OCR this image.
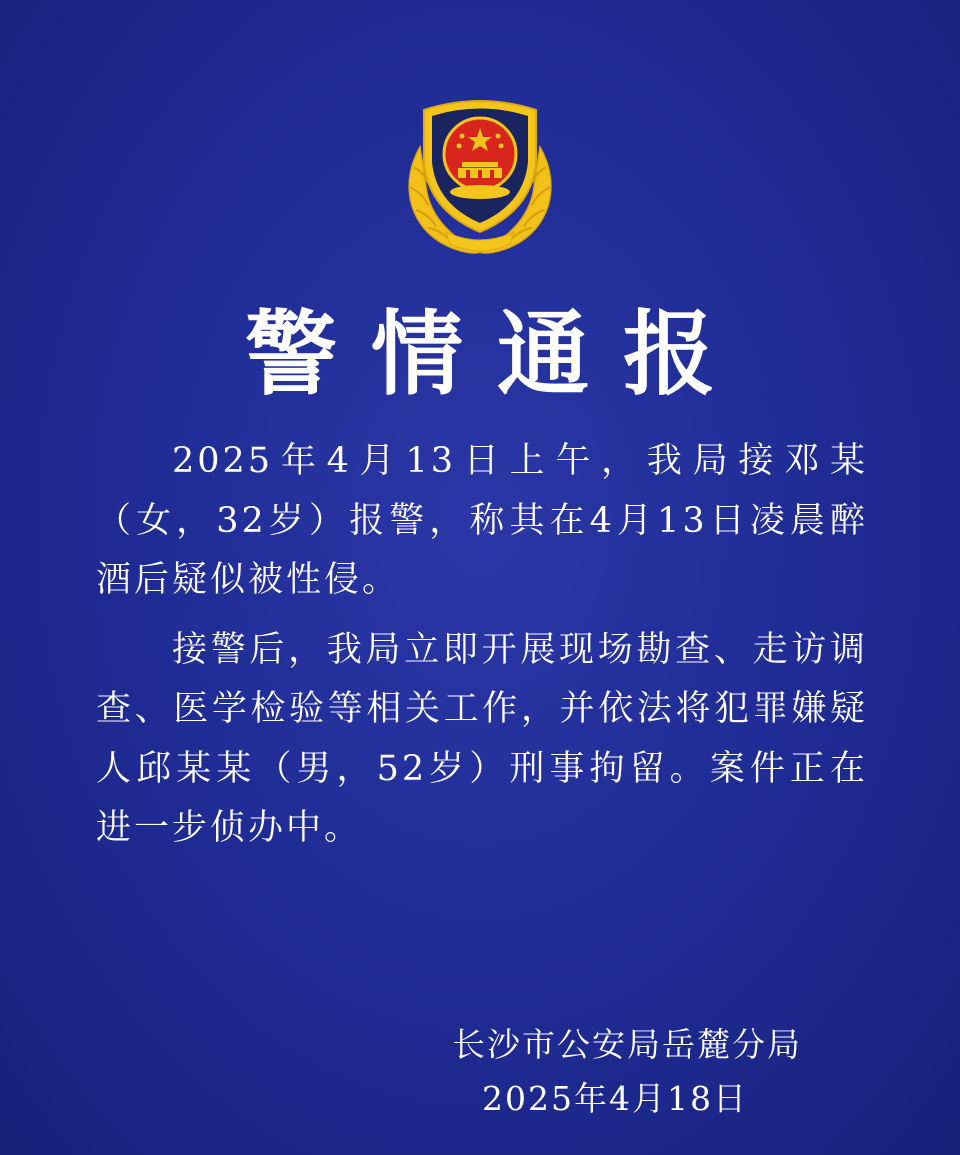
警情通报

2025年4月13日上午，我局接邓某（女，32岁）报警，称其在4月13日凌晨醉酒后疑似被性侵。

接警后，我局立即开展现场勘查、走访调查、医学检验等相关工作，并依法将犯罪嫌疑人邱某某（男，52岁）刑事拘留。案件正在进一步侦办中。

长沙市公安局岳麓分局
2025年4月18日
